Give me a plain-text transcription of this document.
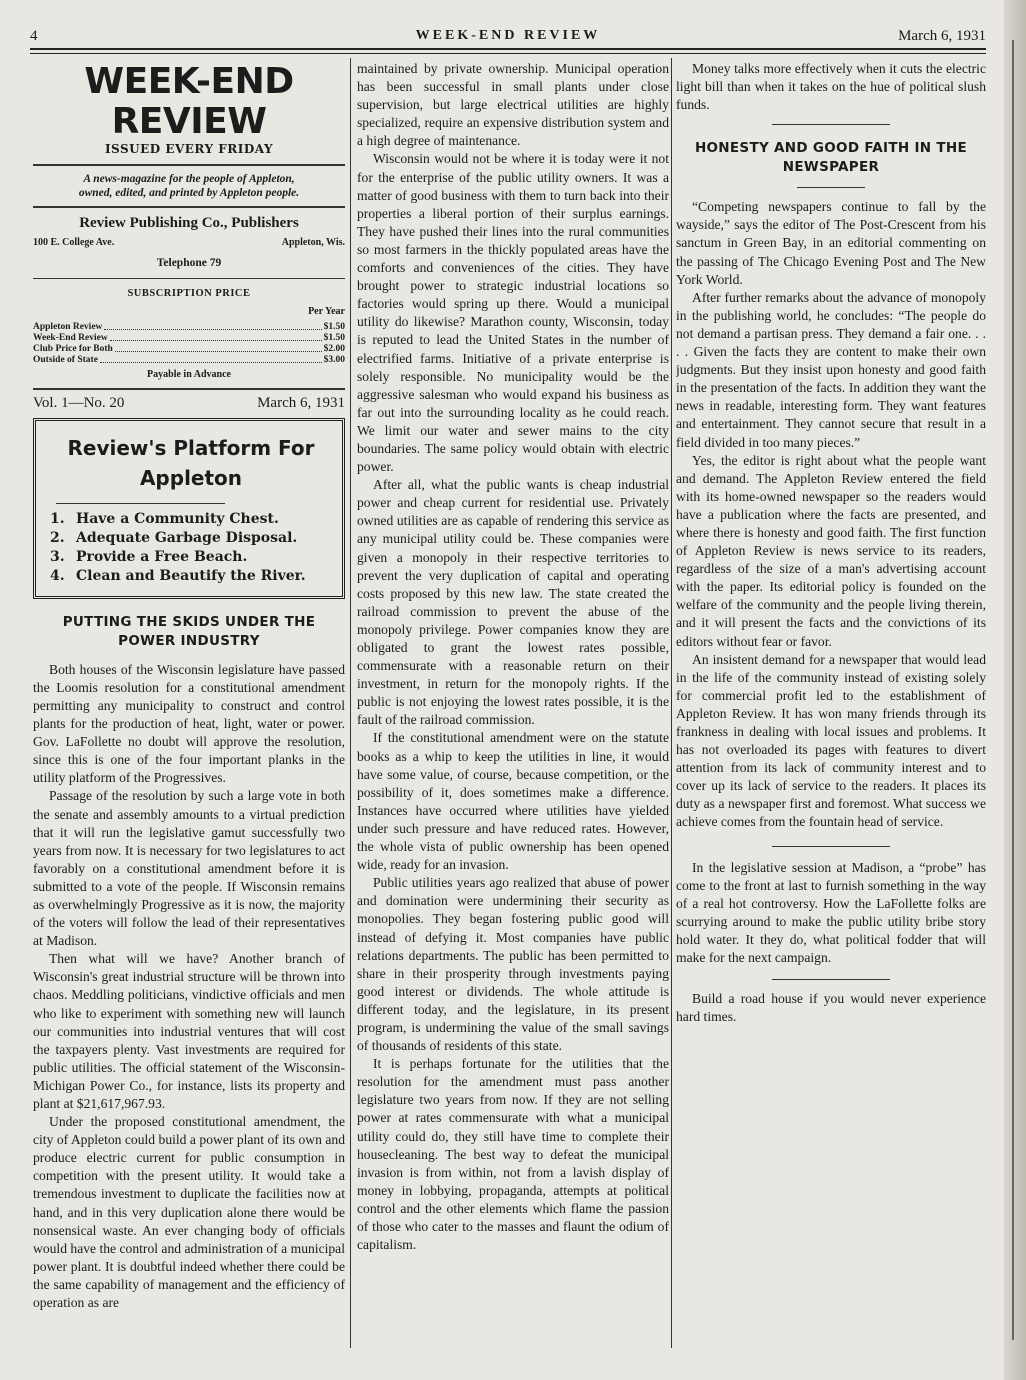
4	WEEK-END REVIEW	March 6, 1931
WEEK-END REVIEW
ISSUED EVERY FRIDAY
A news-magazine for the people of Appleton,
owned, edited, and printed by Appleton people.
Review Publishing Co., Publishers
100 E. College Ave.	Appleton, Wis.
Telephone 79
SUBSCRIPTION PRICE
Per Year
Appleton Review	$1.50
Week-End Review	$1.50
Club Price for Both	$2.00
Outside of State	$3.00
Payable in Advance
Vol. 1—No. 20	March 6, 1931
Review's Platform For
Appleton
1. Have a Community Chest.
2. Adequate Garbage Disposal.
3. Provide a Free Beach.
4. Clean and Beautify the River.
PUTTING THE SKIDS UNDER THE POWER INDUSTRY

Both houses of the Wisconsin legislature have passed the Loomis resolution for a constitutional amendment permitting any municipality to construct and control plants for the production of heat, light, water or power. Gov. LaFollette no doubt will approve the resolution, since this is one of the four important planks in the utility platform of the Progressives.

Passage of the resolution by such a large vote in both the senate and assembly amounts to a virtual prediction that it will run the legislative gamut successfully two years from now. It is necessary for two legislatures to act favorably on a constitutional amendment before it is submitted to a vote of the people. If Wisconsin remains as overwhelmingly Progressive as it is now, the majority of the voters will follow the lead of their representatives at Madison.

Then what will we have? Another branch of Wisconsin's great industrial structure will be thrown into chaos. Meddling politicians, vindictive officials and men who like to experiment with something new will launch our communities into industrial ventures that will cost the taxpayers plenty. Vast investments are required for public utilities. The official statement of the Wisconsin-Michigan Power Co., for instance, lists its property and plant at $21,617,967.93.

Under the proposed constitutional amendment, the city of Appleton could build a power plant of its own and produce electric current for public consumption in competition with the present utility. It would take a tremendous investment to duplicate the facilities now at hand, and in this very duplication alone there would be nonsensical waste. An ever changing body of officials would have the control and administration of a municipal power plant. It is doubtful indeed whether there could be the same capability of management and the efficiency of operation as are

maintained by private ownership. Municipal operation has been successful in small plants under close supervision, but large electrical utilities are highly specialized, require an expensive distribution system and a high degree of maintenance.

Wisconsin would not be where it is today were it not for the enterprise of the public utility owners. It was a matter of good business with them to turn back into their properties a liberal portion of their surplus earnings. They have pushed their lines into the rural communities so most farmers in the thickly populated areas have the comforts and conveniences of the cities. They have brought power to strategic industrial locations so factories would spring up there. Would a municipal utility do likewise? Marathon county, Wisconsin, today is reputed to lead the United States in the number of electrified farms. Initiative of a private enterprise is solely responsible. No municipality would be the aggressive salesman who would expand his business as far out into the surrounding locality as he could reach. We limit our water and sewer mains to the city boundaries. The same policy would obtain with electric power.

After all, what the public wants is cheap industrial power and cheap current for residential use. Privately owned utilities are as capable of rendering this service as any municipal utility could be. These companies were given a monopoly in their respective territories to prevent the very duplication of capital and operating costs proposed by this new law. The state created the railroad commission to prevent the abuse of the monopoly privilege. Power companies know they are obligated to grant the lowest rates possible, commensurate with a reasonable return on their investment, in return for the monopoly rights. If the public is not enjoying the lowest rates possible, it is the fault of the railroad commission.

If the constitutional amendment were on the statute books as a whip to keep the utilities in line, it would have some value, of course, because competition, or the possibility of it, does sometimes make a difference. Instances have occurred where utilities have yielded under such pressure and have reduced rates. However, the whole vista of public ownership has been opened wide, ready for an invasion.

Public utilities years ago realized that abuse of power and domination were undermining their security as monopolies. They began fostering public good will instead of defying it. Most companies have public relations departments. The public has been permitted to share in their prosperity through investments paying good interest or dividends. The whole attitude is different today, and the legislature, in its present program, is undermining the value of the small savings of thousands of residents of this state.

It is perhaps fortunate for the utilities that the resolution for the amendment must pass another legislature two years from now. If they are not selling power at rates commensurate with what a municipal utility could do, they still have time to complete their housecleaning. The best way to defeat the municipal invasion is from within, not from a lavish display of money in lobbying, propaganda, attempts at political control and the other elements which flame the passion of those who cater to the masses and flaunt the odium of capitalism.

Money talks more effectively when it cuts the electric light bill than when it takes on the hue of political slush funds.

HONESTY AND GOOD FAITH IN THE NEWSPAPER

“Competing newspapers continue to fall by the wayside,” says the editor of The Post-Crescent from his sanctum in Green Bay, in an editorial commenting on the passing of The Chicago Evening Post and The New York World.

After further remarks about the advance of monopoly in the publishing world, he concludes: “The people do not demand a partisan press. They demand a fair one. . . . . Given the facts they are content to make their own judgments. But they insist upon honesty and good faith in the presentation of the facts. In addition they want the news in readable, interesting form. They want features and entertainment. They cannot secure that result in a field divided in too many pieces.”

Yes, the editor is right about what the people want and demand. The Appleton Review entered the field with its home-owned newspaper so the readers would have a publication where the facts are presented, and where there is honesty and good faith. The first function of Appleton Review is news service to its readers, regardless of the size of a man's advertising account with the paper. Its editorial policy is founded on the welfare of the community and the people living therein, and it will present the facts and the convictions of its editors without fear or favor.

An insistent demand for a newspaper that would lead in the life of the community instead of existing solely for commercial profit led to the establishment of Appleton Review. It has won many friends through its frankness in dealing with local issues and problems. It has not overloaded its pages with features to divert attention from its lack of community interest and to cover up its lack of service to the readers. It places its duty as a newspaper first and foremost. What success we achieve comes from the fountain head of service.

In the legislative session at Madison, a “probe” has come to the front at last to furnish something in the way of a real hot controversy. How the LaFollette folks are scurrying around to make the public utility bribe story hold water. It they do, what political fodder that will make for the next campaign.

Build a road house if you would never experience hard times.
